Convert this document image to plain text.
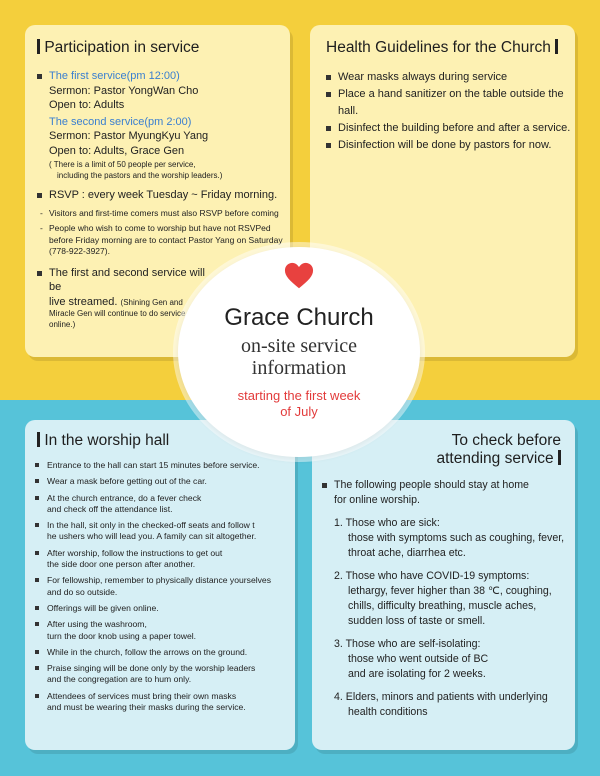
Participation in service
The first service(pm 12:00)
Sermon: Pastor YongWan Cho
Open to: Adults
The second service(pm 2:00)
Sermon: Pastor MyungKyu Yang
Open to: Adults, Grace Gen
( There is a limit of 50 people per service,
including the pastors and the worship leaders.)
RSVP : every week Tuesday ~ Friday morning.
- Visitors and first-time comers must also RSVP before coming
- People who wish to come to worship but have not RSVPed
before Friday morning are to contact Pastor Yang on Saturday
(778-922-3927).
The first and second service will be
live streamed. (Shining Gen and
Miracle Gen will continue to do service
online.)
Health Guidelines for the Church
Wear masks always during service
Place a hand sanitizer on the table outside the hall.
Disinfect the building before and after a service.
Disinfection will be done by pastors for now.
In the worship hall
Entrance to the hall can start 15 minutes before service.
Wear a mask before getting out of the car.
At the church entrance, do a fever check
and check off the attendance list.
In the hall, sit only in the checked-off seats and follow t
he ushers who will lead you. A family can sit altogether.
After worship, follow the instructions to get out
the side door one person after another.
For fellowship, remember to physically distance yourselves
and do so outside.
Offerings will be given online.
After using the washroom,
turn the door knob using a paper towel.
While in the church, follow the arrows on the ground.
Praise singing will be done only by the worship leaders
and the congregation are to hum only.
Attendees of services must bring their own masks
and must be wearing their masks during the service.
To check before
attending service
The following people should stay at home
for online worship.
1. Those who are sick:
those with symptoms such as coughing, fever,
throat ache, diarrhea etc.
2. Those who have COVID-19 symptoms:
lethargy, fever higher than 38 ℃, coughing,
chills, difficulty breathing, muscle aches,
sudden loss of taste or smell.
3. Those who are self-isolating:
those who went outside of BC
and are isolating for 2 weeks.
4. Elders, minors and patients with underlying
health conditions
Grace Church
on-site service
information
starting the first week
of July
